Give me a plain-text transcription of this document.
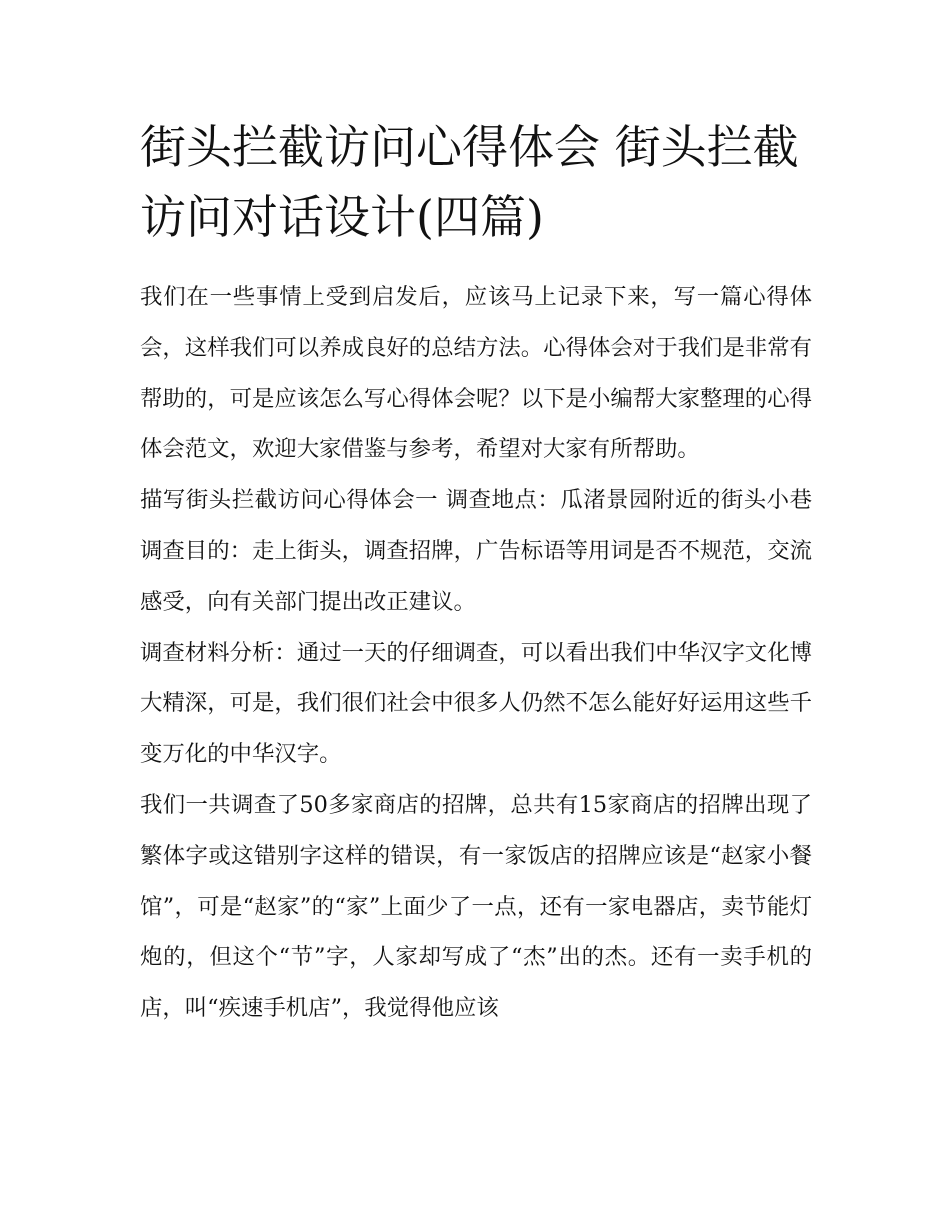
街头拦截访问心得体会 街头拦截访问对话设计(四篇)

我们在一些事情上受到启发后，应该马上记录下来，写一篇心得体会，这样我们可以养成良好的总结方法。心得体会对于我们是非常有帮助的，可是应该怎么写心得体会呢？以下是小编帮大家整理的心得体会范文，欢迎大家借鉴与参考，希望对大家有所帮助。

描写街头拦截访问心得体会一 调查地点：瓜渚景园附近的街头小巷 调查目的：走上街头，调查招牌，广告标语等用词是否不规范，交流感受，向有关部门提出改正建议。

调查材料分析：通过一天的仔细调查，可以看出我们中华汉字文化博大精深，可是，我们很们社会中很多人仍然不怎么能好好运用这些千变万化的中华汉字。

我们一共调查了50多家商店的招牌，总共有15家商店的招牌出现了繁体字或这错别字这样的错误，有一家饭店的招牌应该是“赵家小餐馆”，可是“赵家”的“家”上面少了一点，还有一家电器店，卖节能灯炮的，但这个“节”字，人家却写成了“杰”出的杰。还有一卖手机的店，叫“疾速手机店”，我觉得他应该
